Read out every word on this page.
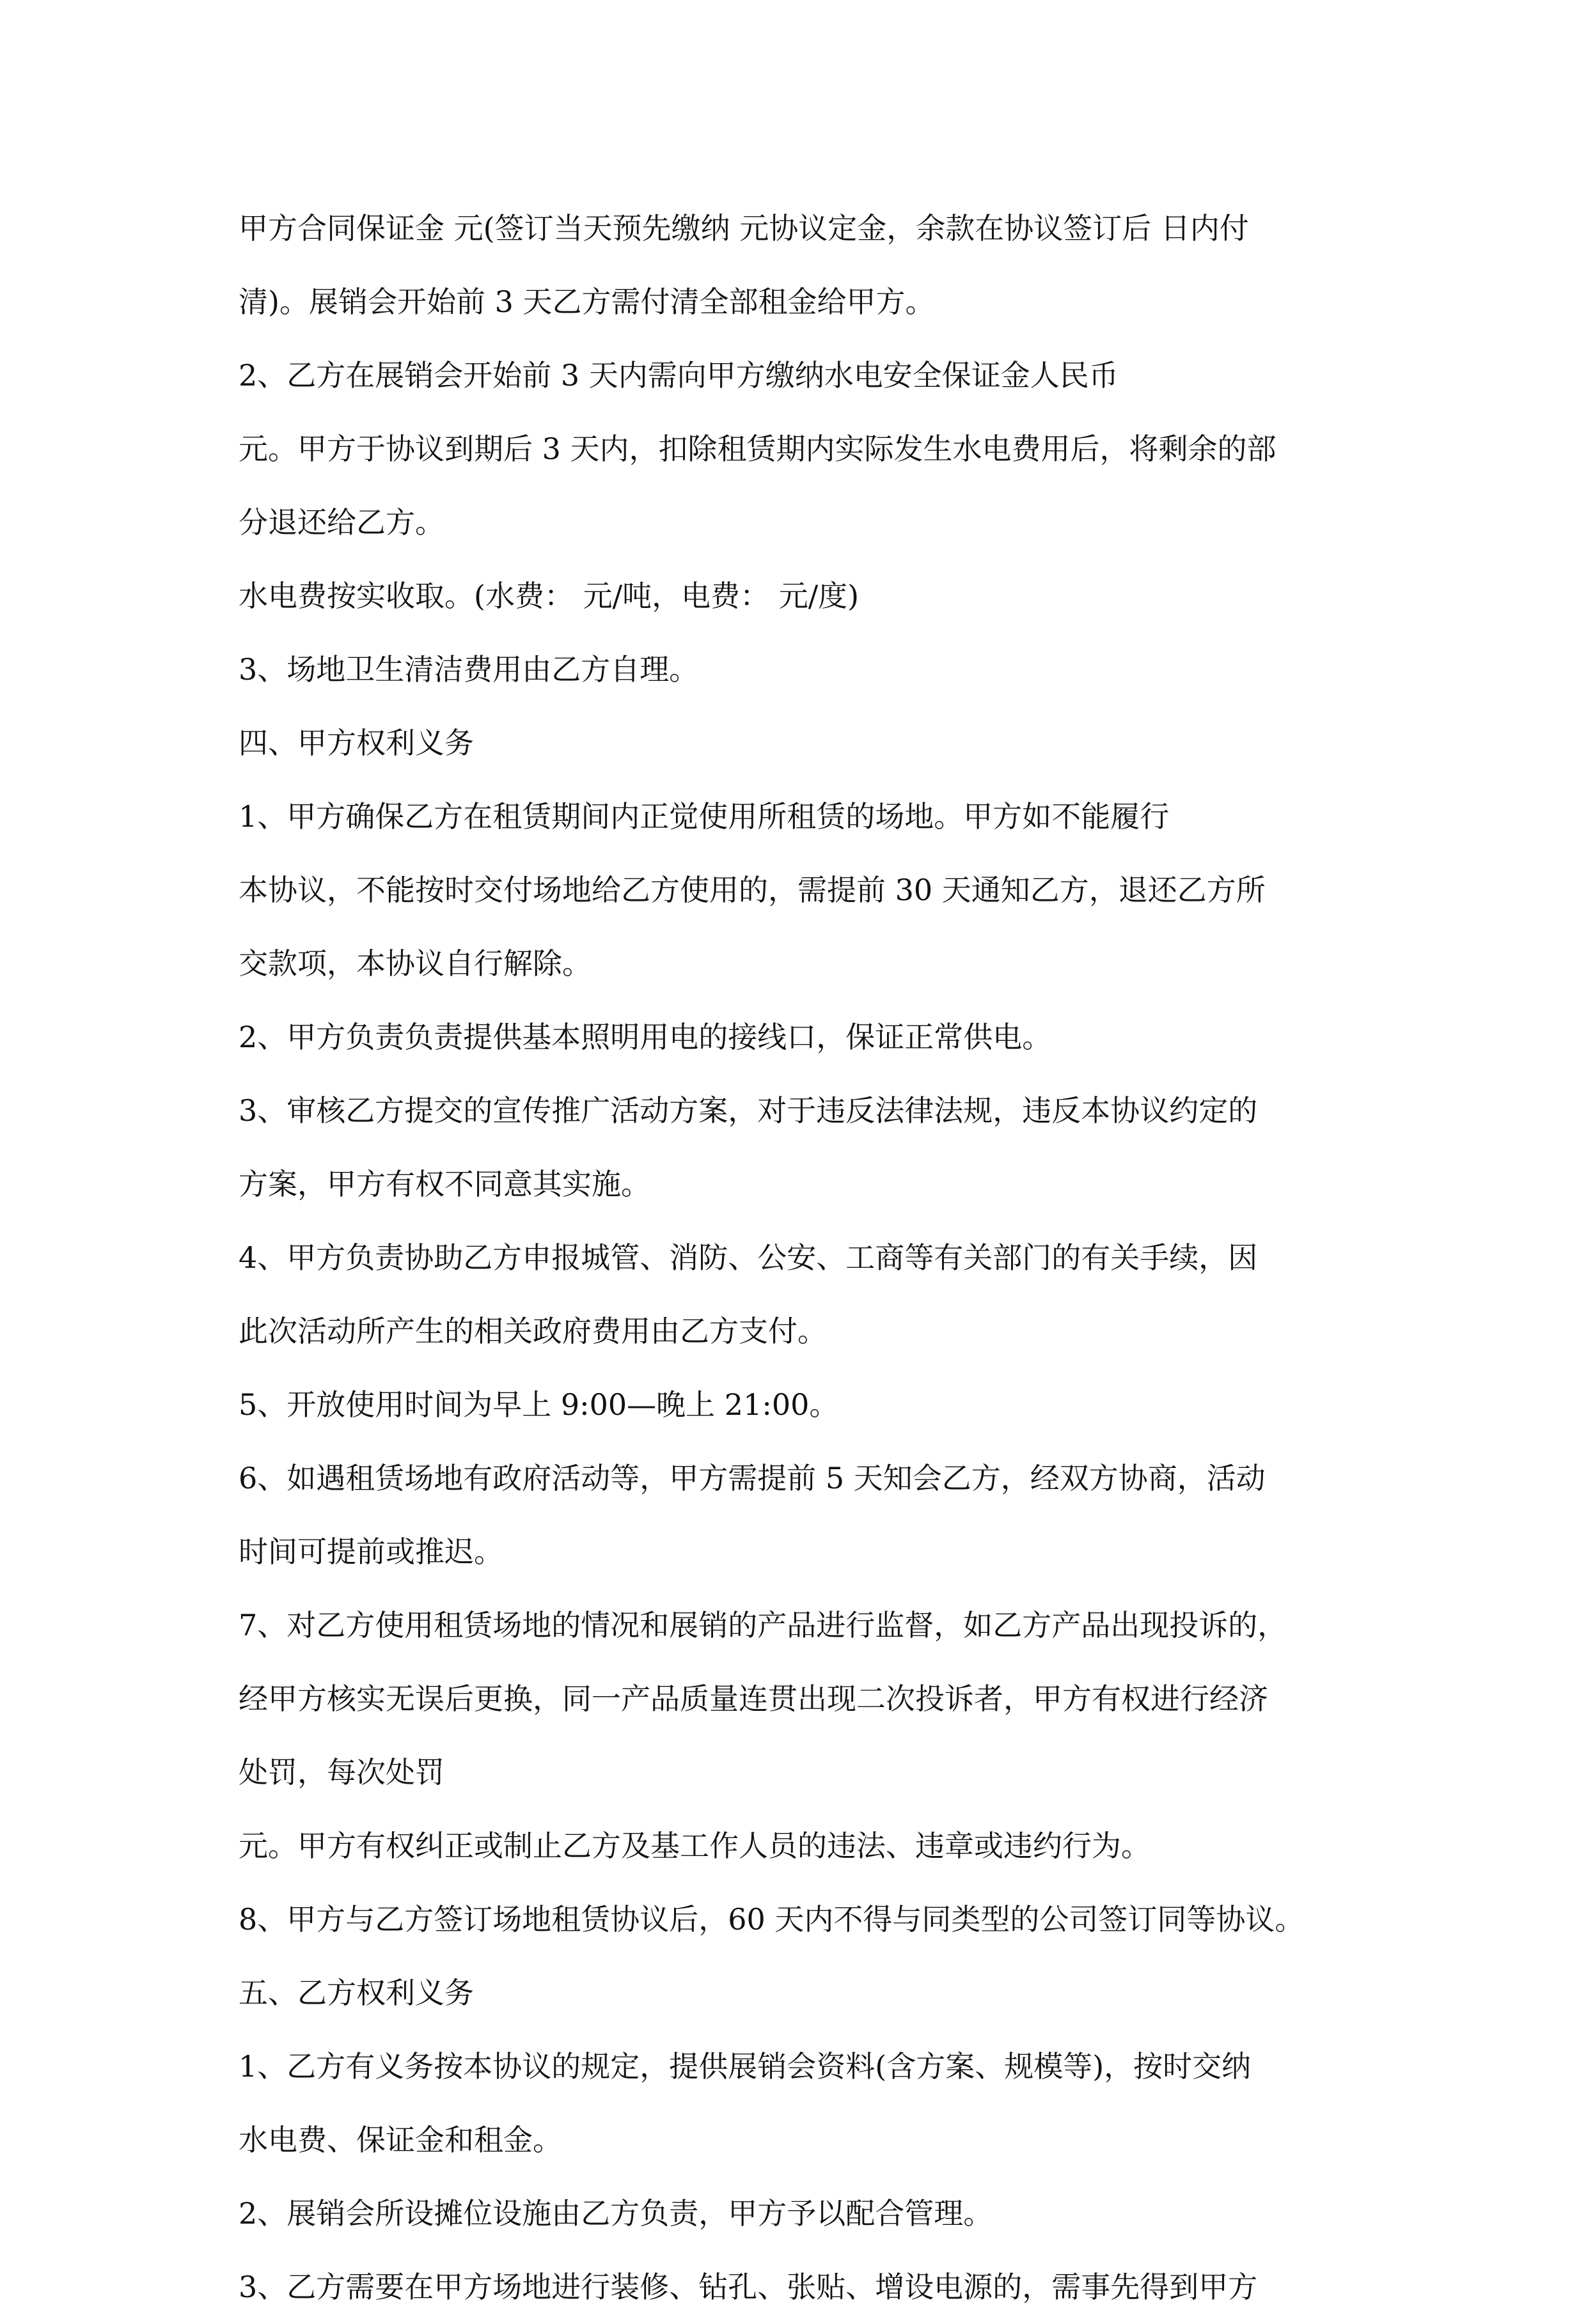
甲方合同保证金 元(签订当天预先缴纳 元协议定金，余款在协议签订后 日内付
清)。展销会开始前 3 天乙方需付清全部租金给甲方。
2、乙方在展销会开始前 3 天内需向甲方缴纳水电安全保证金人民币
元。甲方于协议到期后 3 天内，扣除租赁期内实际发生水电费用后，将剩余的部
分退还给乙方。
水电费按实收取。(水费： 元/吨，电费： 元/度)
3、场地卫生清洁费用由乙方自理。
四、甲方权利义务
1、甲方确保乙方在租赁期间内正觉使用所租赁的场地。甲方如不能履行
本协议，不能按时交付场地给乙方使用的，需提前 30 天通知乙方，退还乙方所
交款项，本协议自行解除。
2、甲方负责负责提供基本照明用电的接线口，保证正常供电。
3、审核乙方提交的宣传推广活动方案，对于违反法律法规，违反本协议约定的
方案，甲方有权不同意其实施。
4、甲方负责协助乙方申报城管、消防、公安、工商等有关部门的有关手续，因
此次活动所产生的相关政府费用由乙方支付。
5、开放使用时间为早上 9:00—晚上 21:00。
6、如遇租赁场地有政府活动等，甲方需提前 5 天知会乙方，经双方协商，活动
时间可提前或推迟。
7、对乙方使用租赁场地的情况和展销的产品进行监督，如乙方产品出现投诉的，
经甲方核实无误后更换，同一产品质量连贯出现二次投诉者，甲方有权进行经济
处罚，每次处罚
元。甲方有权纠正或制止乙方及基工作人员的违法、违章或违约行为。
8、甲方与乙方签订场地租赁协议后，60 天内不得与同类型的公司签订同等协议。
五、乙方权利义务
1、乙方有义务按本协议的规定，提供展销会资料(含方案、规模等)，按时交纳
水电费、保证金和租金。
2、展销会所设摊位设施由乙方负责，甲方予以配合管理。
3、乙方需要在甲方场地进行装修、钻孔、张贴、增设电源的，需事先得到甲方
